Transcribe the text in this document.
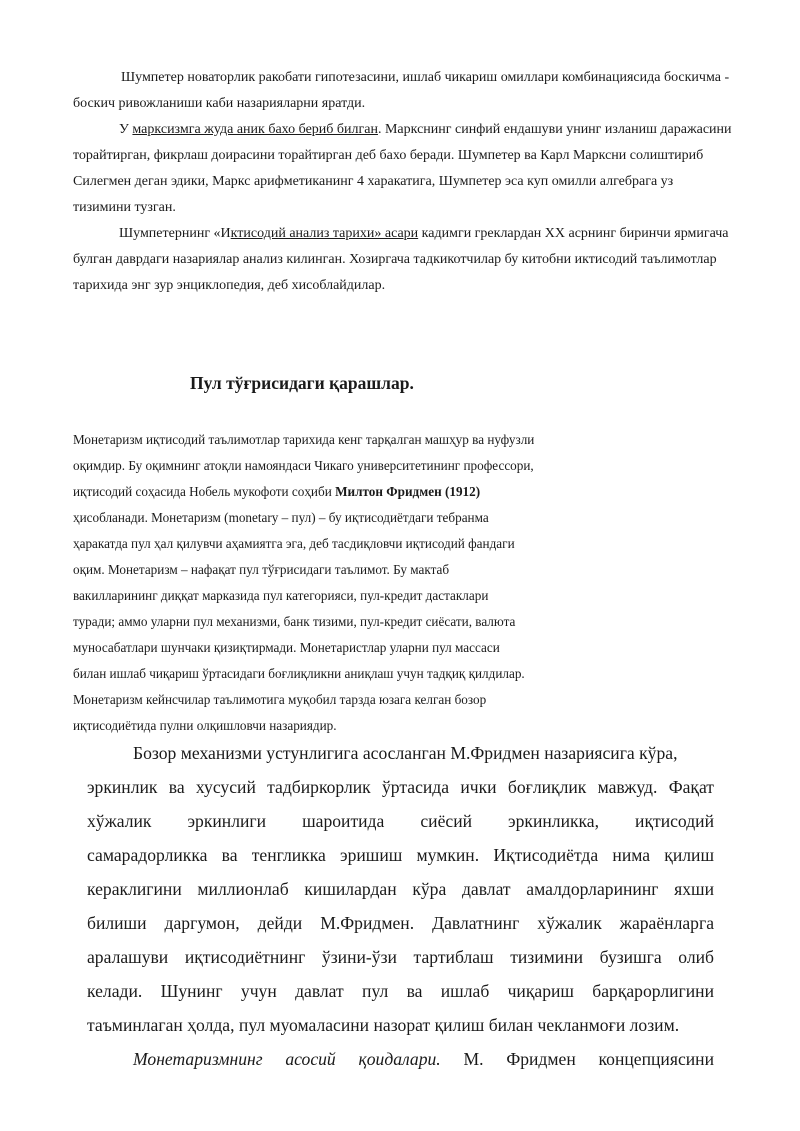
Шумпетер новаторлик ракобати гипотезасини, ишлаб чикариш омиллари комбинациясида боскичма -
боскич ривожланиши каби назарияларни яратди.
У марксизмга жуда аник бахо бериб билган. Маркснинг синфий ендашуви унинг изланиш даражасини
торайтирган, фикрлаш доирасини торайтирган деб бахо беради. Шумпетер ва Карл Марксни солиштириб
Силегмен деган эдики, Маркс арифметиканинг 4 харакатига, Шумпетер эса куп омилли алгебрага уз
тизимини тузган.
Шумпетернинг «Иктисодий анализ тарихи» асари кадимги греклардан XX асрнинг биринчи ярмигача
булган даврдаги назариялар анализ килинган. Хозиргача тадкикотчилар бу китобни иктисодий таълимотлар
тарихида энг зур энциклопедия, деб хисоблайдилар.
Пул тўғрисидаги қарашлар.
Монетаризм иқтисодий таълимотлар тарихида кенг тарқалган машҳур ва нуфузли
оқимдир. Бу оқимнинг атоқли намояндаси Чикаго университетининг профессори,
иқтисодий соҳасида Нобель мукофоти соҳиби Милтон Фридмен (1912)
ҳисобланади. Монетаризм (monetary – пул) – бу иқтисодиётдаги тебранма
ҳаракатда пул ҳал қилувчи аҳамиятга эга, деб тасдиқловчи иқтисодий фандаги
оқим. Монетаризм – нафақат пул тўғрисидаги таълимот. Бу мактаб
вакилларининг диққат марказида пул категорияси, пул-кредит дастаклари
туради; аммо уларни пул механизми, банк тизими, пул-кредит сиёсати, валюта
муносабатлари шунчаки қизиқтирмади. Монетаристлар уларни пул массаси
билан ишлаб чиқариш ўртасидаги боғлиқликни аниқлаш учун тадқиқ қилдилар.
Монетаризм кейнсчилар таълимотига муқобил тарзда юзага келган бозор
иқтисодиётида пулни олқишловчи назариядир.
Бозор механизми устунлигига асосланган М.Фридмен назариясига кўра,
эркинлик ва хусусий тадбиркорлик ўртасида ички боғлиқлик мавжуд. Фақат
хўжалик эркинлиги шароитида сиёсий эркинликка, иқтисодий
самарадорликка ва тенгликка эришиш мумкин. Иқтисодиётда нима қилиш
кераклигини миллионлаб кишилардан кўра давлат амалдорларининг яхши
билиши даргумон, дейди М.Фридмен. Давлатнинг хўжалик жараёнларга
аралашуви иқтисодиётнинг ўзини-ўзи тартиблаш тизимини бузишга олиб
келади. Шунинг учун давлат пул ва ишлаб чиқариш барқарорлигини
таъминлаган ҳолда, пул муомаласини назорат қилиш билан чекланмоғи лозим.
Монетаризмнинг асосий қоидалари. М. Фридмен концепциясини
